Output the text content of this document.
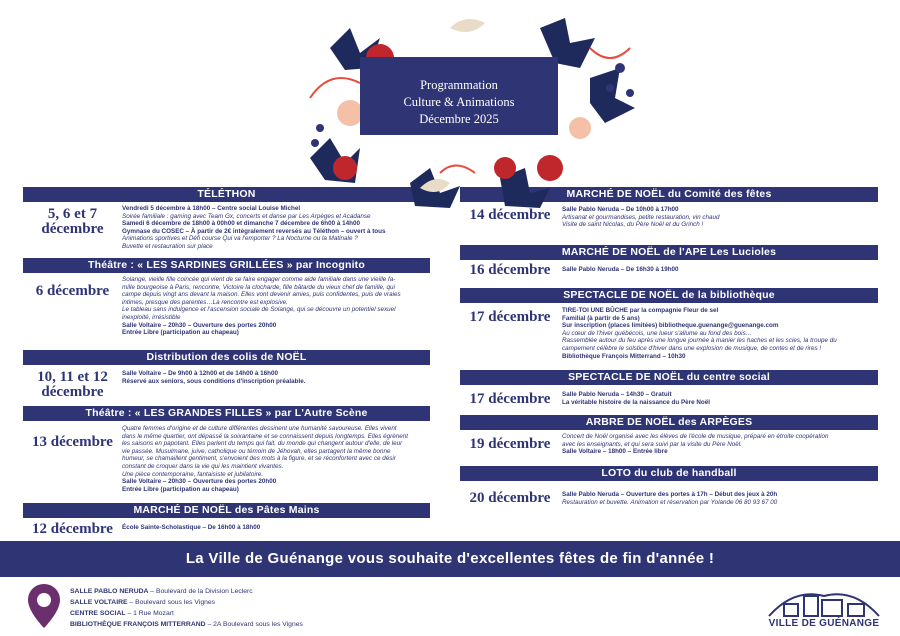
Programmation
Culture & Animations
Décembre 2025
TÉLÉTHON
5, 6 et 7 décembre
Vendredi 5 décembre à 18h00 – Centre social Louise Michel
Soirée familiale : gaming avec Team Gx, concerts et danse par Les Arpèges et Acadanse
Samedi 6 décembre de 18h00 à 00h00 et dimanche 7 décembre de 6h00 à 14h00
Gymnase du COSEC – À partir de 2€ intégralement reversés au Téléthon – ouvert à tous
Animations sportives et Défi course Qui va l'emporter ? La Nocturne ou la Matinale ?
Buvette et restauration sur place
Théâtre : « LES SARDINES GRILLÉES » par Incognito
6 décembre
Solange, vieille fille coincée qui vient de se faire engager comme aide familiale dans une vieille fa-
mille bourgeoise à Paris, rencontre, Victoire la clocharde, fille bâtarde du vieux chef de famille, qui
campe depuis vingt ans devant la maison. Elles vont devenir amies, puis confidentes, puis de vraies
intimes, presque des parentes…La rencontre est explosive.
Le tableau sans indulgence et l'ascension sociale de Solange, qui se découvre un potentiel sexuel
inexploité, irrésistible
Salle Voltaire – 20h30 – Ouverture des portes 20h00
Entrée Libre (participation au chapeau)
Distribution des colis de NOËL
10, 11 et 12 décembre
Salle Voltaire – De 9h00 à 12h00 et de 14h00 à 16h00
Réservé aux seniors, sous conditions d'inscription préalable.
Théâtre : « LES GRANDES FILLES » par L'Autre Scène
13 décembre
Quatre femmes d'origine et de culture différentes dessinent une humanité savoureuse. Elles vivent
dans le même quartier, ont dépassé la soixantaine et se connaissent depuis longtemps. Elles égrènent
les saisons en papotant. Elles parlent du temps qui fait, du monde qui changent autour d'elle, de leur
vie passée. Musulmane, juive, catholique ou témoin de Jéhovah, elles partagent la même bonne
humeur, se chamaillent gentiment, s'envoient des mots à la figure, et se réconfortent avec ce désir
constant de croquer dans la vie qui les maintient vivantes.
Une pièce contemporaine, fantaisiste et jubilatoire.
Salle Voltaire – 20h30 – Ouverture des portes 20h00
Entrée Libre (participation au chapeau)
MARCHÉ DE NOËL des Pâtes Mains
12 décembre	École Sainte-Scholastique – De 16h00 à 18h00
MARCHÉ DE NOËL du Comité des fêtes
14 décembre	Salle Pablo Neruda – De 10h00 à 17h00
Artisanat et gourmandises, petite restauration, vin chaud
Visite de saint Nicolas, du Père Noël et du Grinch !
MARCHÉ DE NOËL de l'APE Les Lucioles
16 décembre	Salle Pablo Neruda – De 16h30 à 19h00
SPECTACLE DE NOËL de la bibliothèque
17 décembre	TIRE-TOI UNE BÛCHE par la compagnie Fleur de sel
Familial (à partir de 5 ans)
Sur inscription (places limitées) bibliotheque.guenange@guenange.com
Au cœur de l'hiver québécois, une lueur s'allume au fond des bois…
Rassemblée autour du feu après une longue journée à manier les haches et les scies, la troupe du
campement célèbre le solstice d'hiver dans une explosion de musique, de contes et de rires !
Bibliothèque François Mitterrand – 10h30
SPECTACLE DE NOËL du centre social
17 décembre	Salle Pablo Neruda – 14h30 – Gratuit
La véritable histoire de la naissance du Père Noël
ARBRE DE NOËL des ARPÈGES
19 décembre	Concert de Noël organisé avec les élèves de l'école de musique, préparé en étroite coopération
avec les enseignants, et qui sera suivi par la visite du Père Noël.
Salle Voltaire – 18h00 – Entrée libre
LOTO du club de handball
20 décembre	Salle Pablo Neruda – Ouverture des portes à 17h – Début des jeux à 20h
Restauration et buvette. Animation et réservation par Yolande 06 80 93 67 00
La Ville de Guénange vous souhaite d'excellentes fêtes de fin d'année !
SALLE PABLO NERUDA – Boulevard de la Division Leclerc
SALLE VOLTAIRE – Boulevard sous les Vignes
CENTRE SOCIAL – 1 Rue Mozart
BIBLIOTHÈQUE FRANÇOIS MITTERRAND – 2A Boulevard sous les Vignes	VILLE DE GUÉNANGE
